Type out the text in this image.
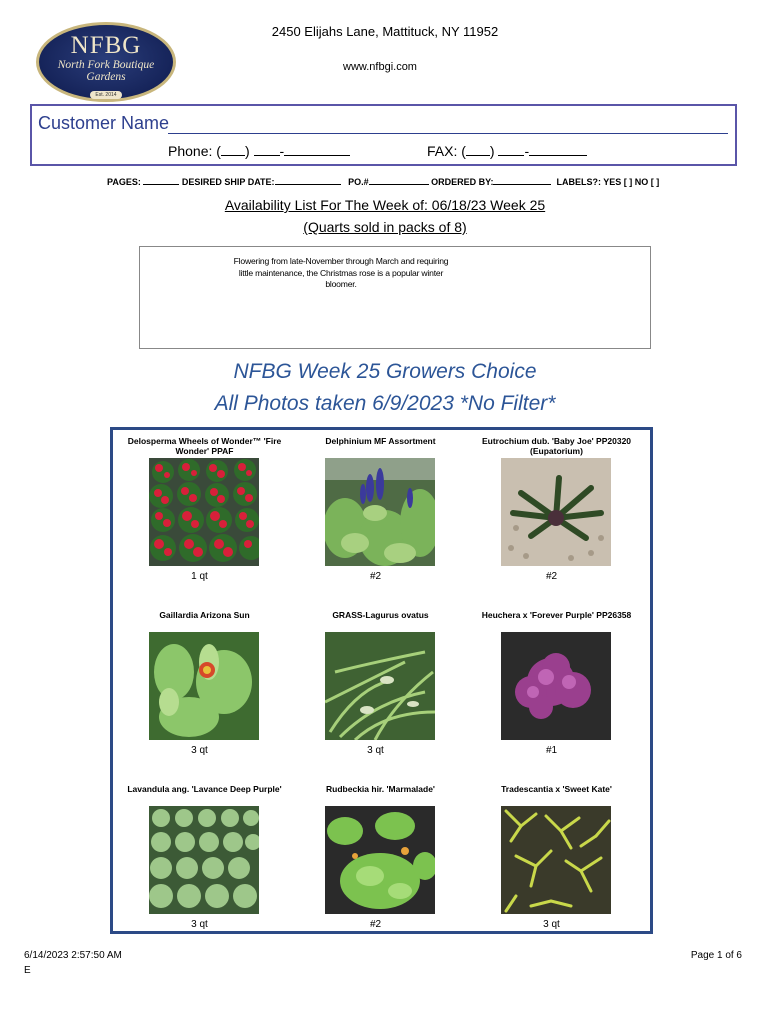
NFBG
North Fork Boutique
Gardens
Est. 2014
2450 Elijahs Lane, Mattituck, NY 11952
www.nfbgi.com
Customer Name
Phone: ( ) -	FAX: ( ) -
PAGES:	DESIRED SHIP DATE:	PO.#	ORDERED BY:	LABELS?: YES [ ] NO [ ]
Availability List For The Week of: 06/18/23 Week 25
(Quarts sold in packs of 8)
Flowering from late-November through March and requiring little maintenance, the Christmas rose is a popular winter bloomer.
NFBG Week 25 Growers Choice
All Photos taken 6/9/2023 *No Filter*
Delosperma Wheels of Wonder™ 'Fire Wonder' PPAF
1 qt
Delphinium MF Assortment
#2
Eutrochium dub. 'Baby Joe' PP20320 (Eupatorium)
#2
Gaillardia Arizona Sun
3 qt
GRASS-Lagurus ovatus
3 qt
Heuchera x 'Forever Purple' PP26358
#1
Lavandula ang. 'Lavance Deep Purple'
3 qt
Rudbeckia hir. 'Marmalade'
#2
Tradescantia x 'Sweet Kate'
3 qt
6/14/2023 2:57:50 AM
E
Page 1 of 6
